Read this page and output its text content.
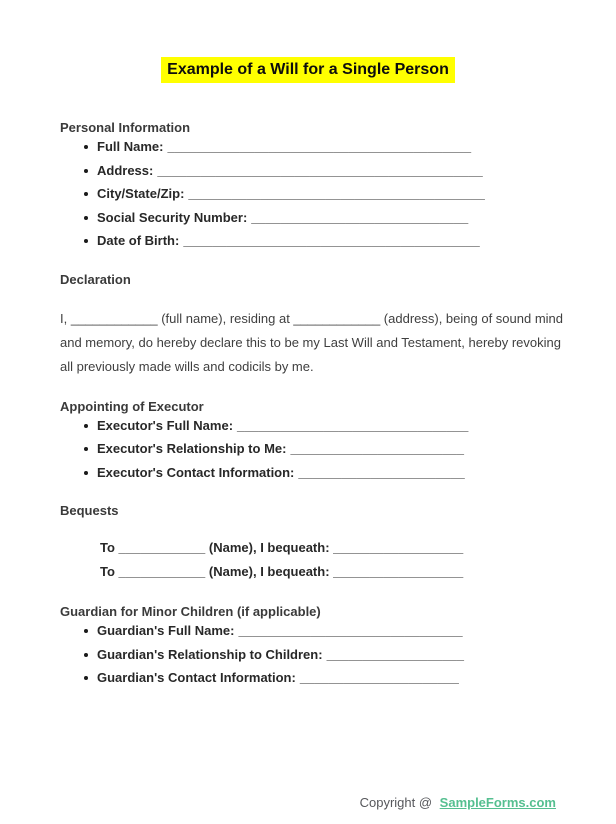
Example of a Will for a Single Person
Personal Information
Full Name: __________________________________________
Address: _____________________________________________
City/State/Zip: _________________________________________
Social Security Number: ______________________________
Date of Birth: _________________________________________
Declaration

I, ____________ (full name), residing at ____________ (address), being of sound mind and memory, do hereby declare this to be my Last Will and Testament, hereby revoking all previously made wills and codicils by me.

Appointing of Executor
Executor's Full Name: ________________________________
Executor's Relationship to Me: ________________________
Executor's Contact Information: _______________________
Bequests
To ____________ (Name), I bequeath: __________________
To ____________ (Name), I bequeath: __________________
Guardian for Minor Children (if applicable)
Guardian's Full Name: _______________________________
Guardian's Relationship to Children: ___________________
Guardian's Contact Information: ______________________
Copyright @ SampleForms.com
